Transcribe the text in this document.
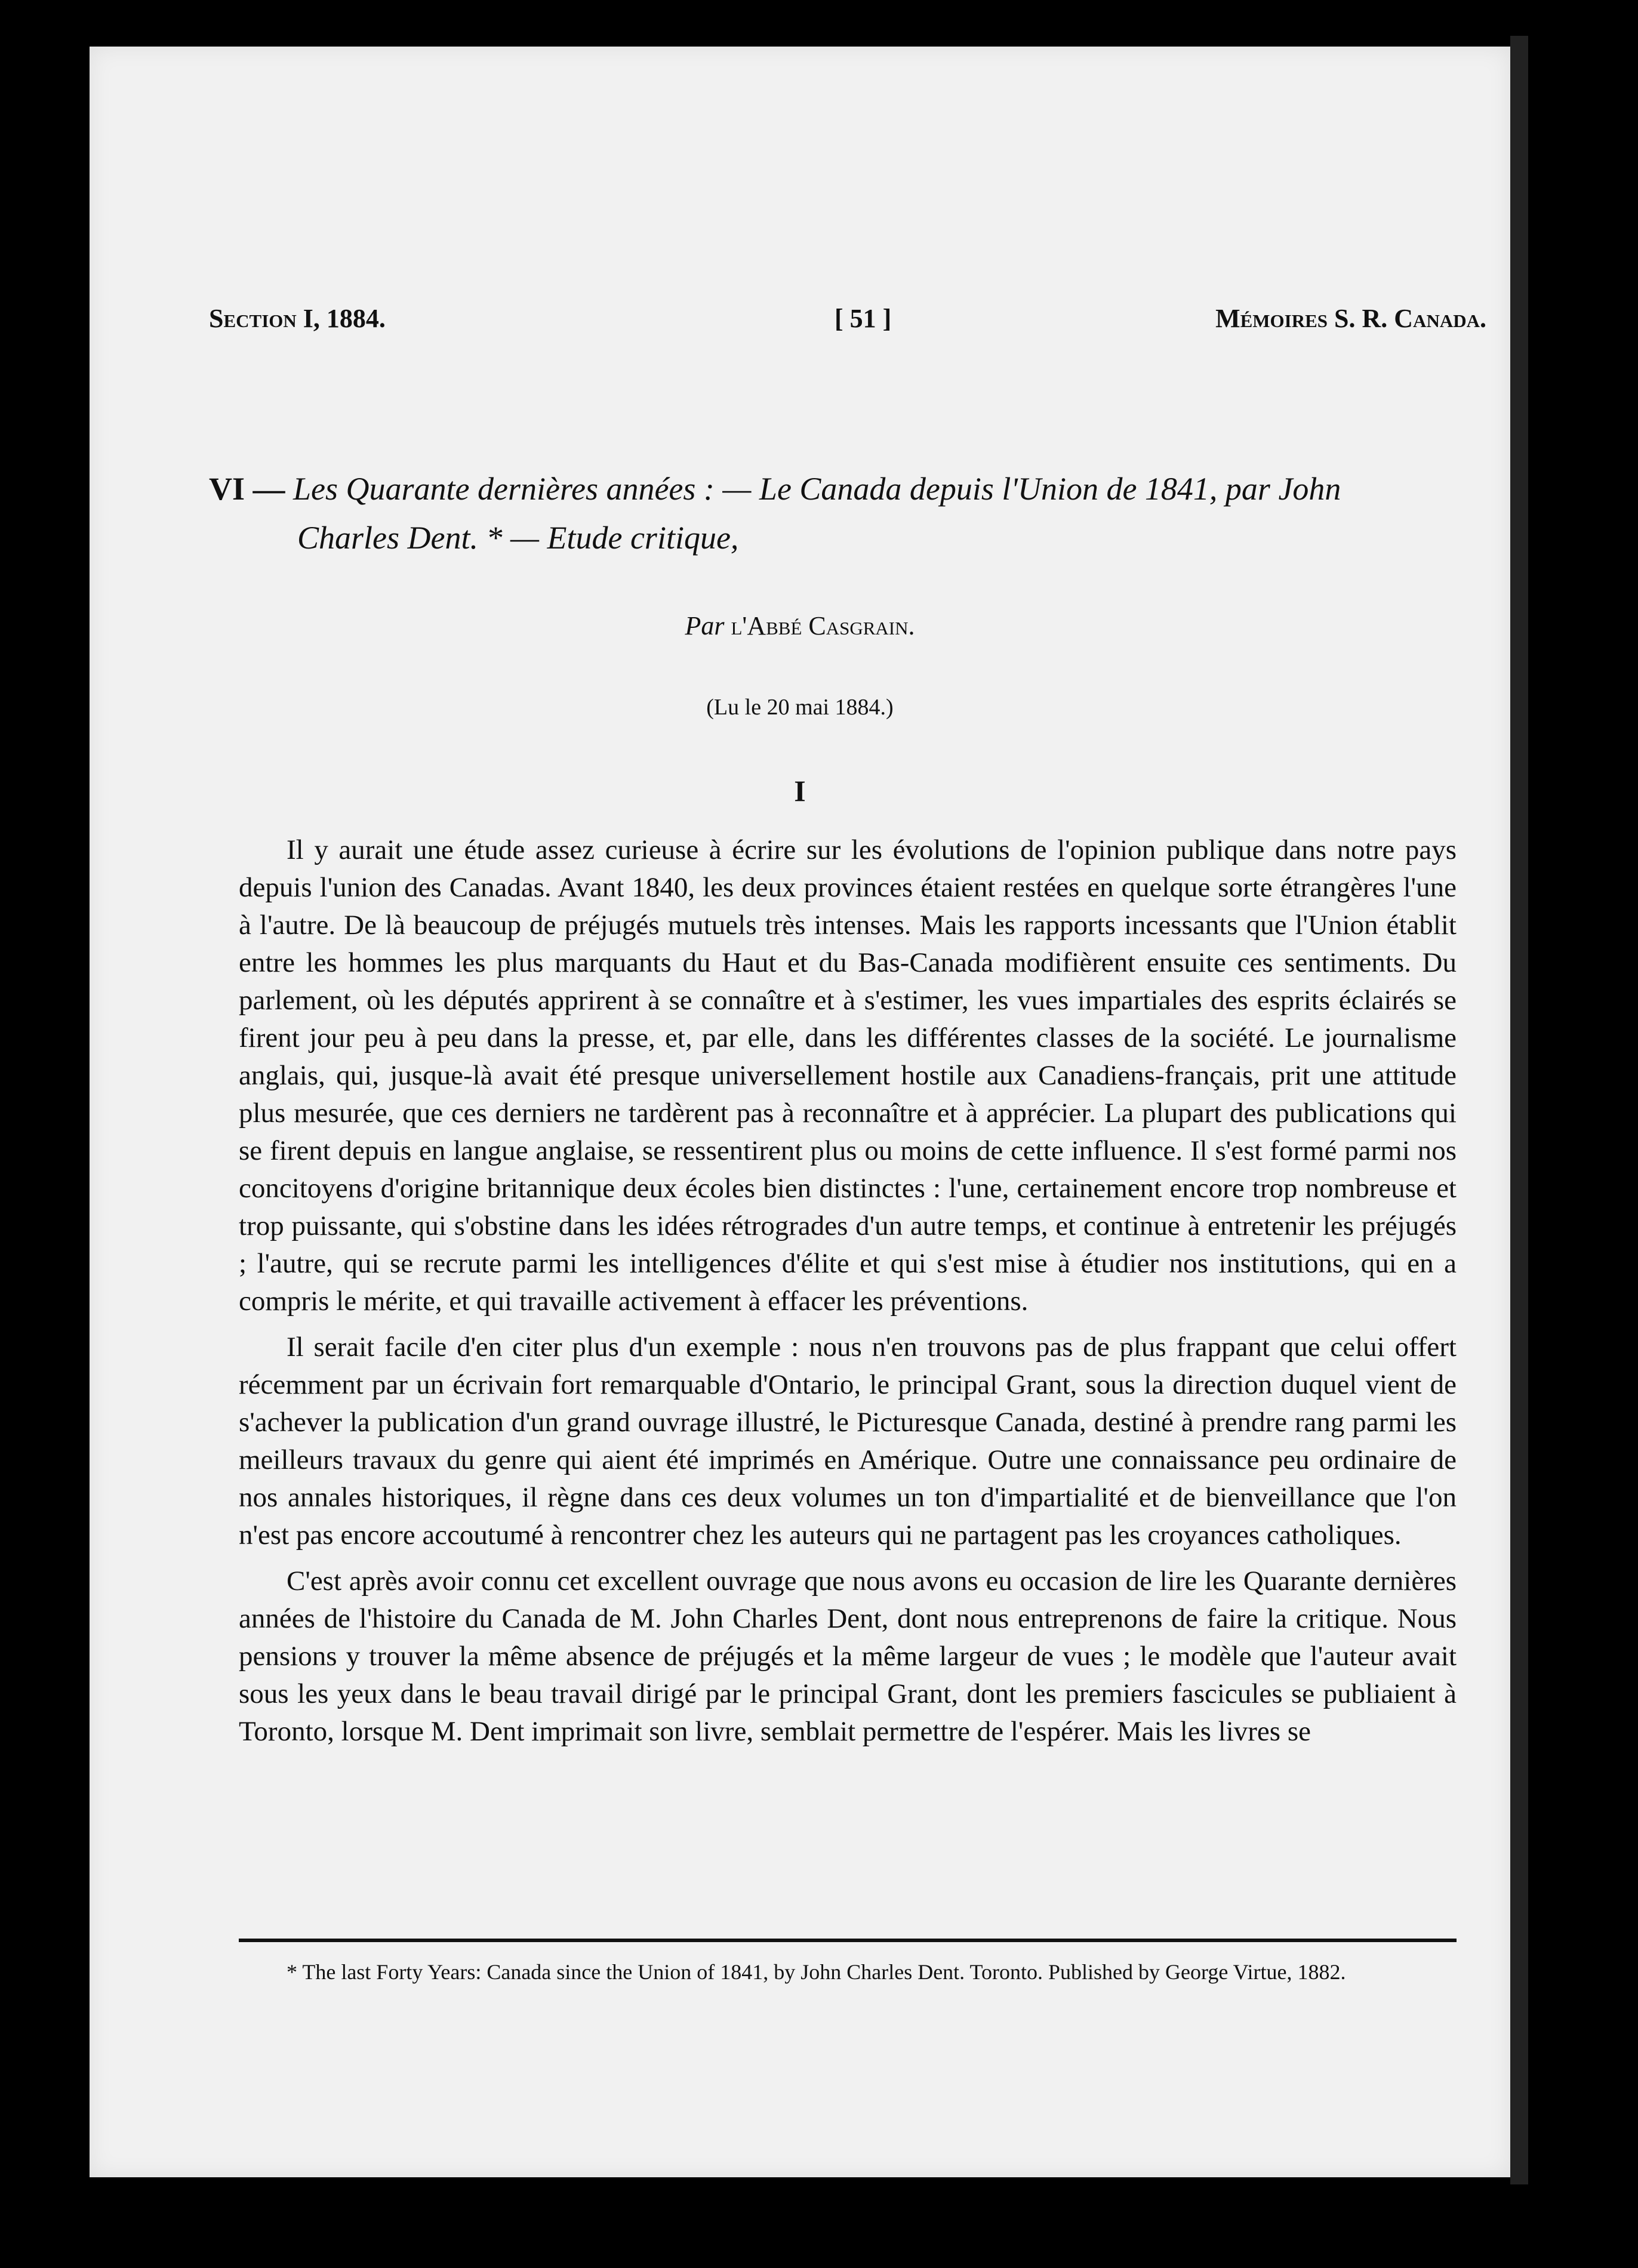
Section I, 1884.	[ 51 ]	Mémoires S. R. Canada.
VI — Les Quarante dernières années : — Le Canada depuis l'Union de 1841, par John
Charles Dent. * — Etude critique,
Par l'Abbé Casgrain.
(Lu le 20 mai 1884.)
I

Il y aurait une étude assez curieuse à écrire sur les évolutions de l'opinion publique dans notre pays depuis l'union des Canadas. Avant 1840, les deux provinces étaient restées en quelque sorte étrangères l'une à l'autre. De là beaucoup de préjugés mutuels très intenses. Mais les rapports incessants que l'Union établit entre les hommes les plus marquants du Haut et du Bas-Canada modifièrent ensuite ces sentiments. Du parlement, où les députés apprirent à se connaître et à s'estimer, les vues impartiales des esprits éclairés se firent jour peu à peu dans la presse, et, par elle, dans les différentes classes de la société. Le journalisme anglais, qui, jusque-là avait été presque universellement hostile aux Canadiens-français, prit une attitude plus mesurée, que ces derniers ne tardèrent pas à reconnaître et à apprécier. La plupart des publications qui se firent depuis en langue anglaise, se ressentirent plus ou moins de cette influence. Il s'est formé parmi nos concitoyens d'origine britannique deux écoles bien distinctes : l'une, certainement encore trop nombreuse et trop puissante, qui s'obstine dans les idées rétrogrades d'un autre temps, et continue à entretenir les préjugés ; l'autre, qui se recrute parmi les intelligences d'élite et qui s'est mise à étudier nos institutions, qui en a compris le mérite, et qui travaille activement à effacer les préventions.

Il serait facile d'en citer plus d'un exemple : nous n'en trouvons pas de plus frappant que celui offert récemment par un écrivain fort remarquable d'Ontario, le principal Grant, sous la direction duquel vient de s'achever la publication d'un grand ouvrage illustré, le Picturesque Canada, destiné à prendre rang parmi les meilleurs travaux du genre qui aient été imprimés en Amérique. Outre une connaissance peu ordinaire de nos annales historiques, il règne dans ces deux volumes un ton d'impartialité et de bienveillance que l'on n'est pas encore accoutumé à rencontrer chez les auteurs qui ne partagent pas les croyances catholiques.

C'est après avoir connu cet excellent ouvrage que nous avons eu occasion de lire les Quarante dernières années de l'histoire du Canada de M. John Charles Dent, dont nous entreprenons de faire la critique. Nous pensions y trouver la même absence de préjugés et la même largeur de vues ; le modèle que l'auteur avait sous les yeux dans le beau travail dirigé par le principal Grant, dont les premiers fascicules se publiaient à Toronto, lorsque M. Dent imprimait son livre, semblait permettre de l'espérer. Mais les livres se

* The last Forty Years: Canada since the Union of 1841, by John Charles Dent. Toronto. Published by George Virtue, 1882.
